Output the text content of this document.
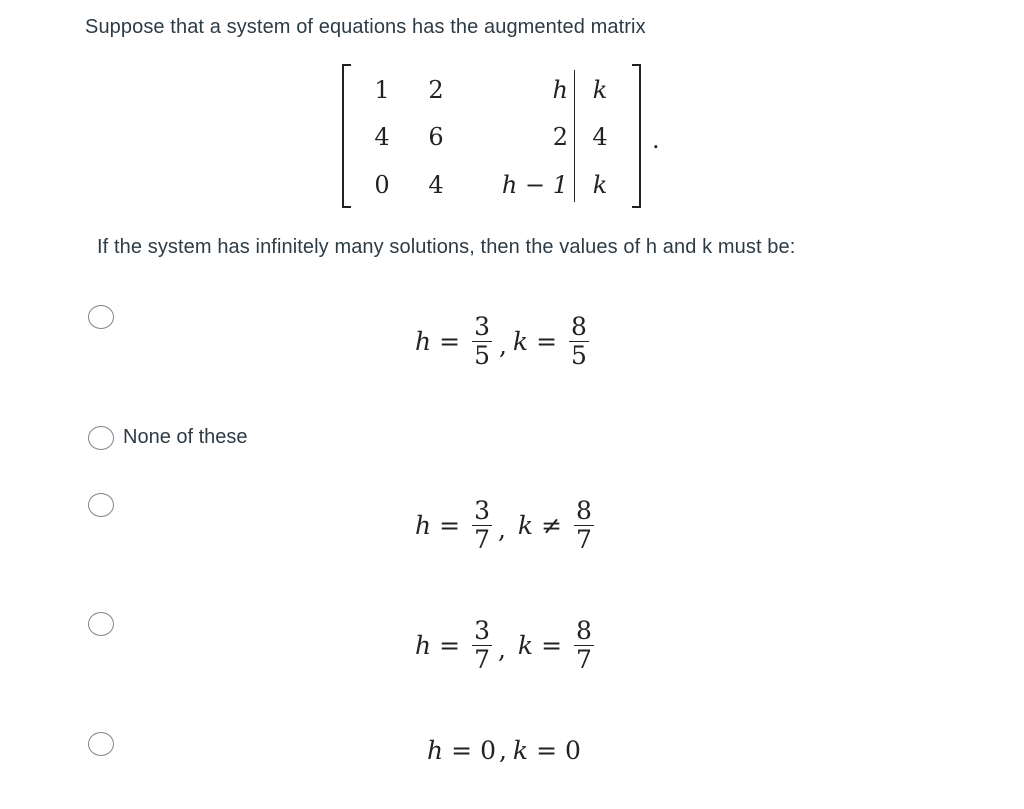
Suppose that a system of equations has the augmented matrix
1 2	h k
4 6	2 4
0 4	h − 1 k
.
If the system has infinitely many solutions, then the values of h and k must be:
$h = \frac{3}{5}$ , $k = \frac{8}{5}$
None of these
$h = \frac{3}{7}$ , $k \ne \frac{8}{7}$
$h = \frac{3}{7}$ , $k = \frac{8}{7}$
h = 0 , k = 0
